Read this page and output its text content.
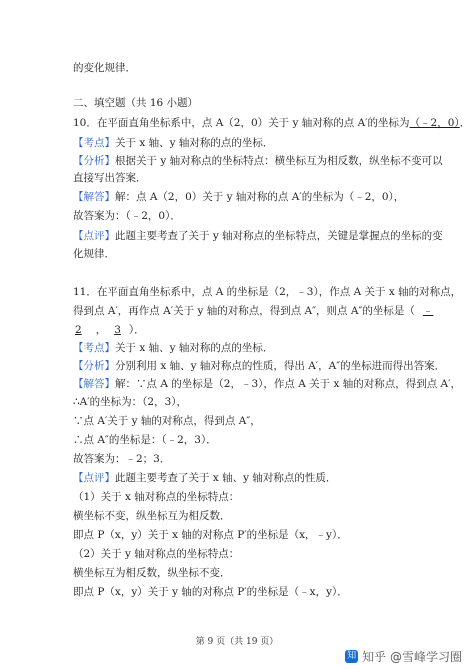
的变化规律．
二、填空题（共 16 小题）
10．在平面直角坐标系中，点 A（2，0）关于 y 轴对称的点 A′的坐标为（﹣2，0）．
【考点】关于 x 轴、y 轴对称的点的坐标．
【分析】根据关于 y 轴对称点的坐标特点：横坐标互为相反数，纵坐标不变可以
直接写出答案．
【解答】解：点 A（2，0）关于 y 轴对称的点 A′的坐标为（﹣2，0），
故答案为：（﹣2，0）．
【点评】此题主要考查了关于 y 轴对称点的坐标特点，关键是掌握点的坐标的变
化规律．
11．在平面直角坐标系中，点 A 的坐标是（2，﹣3），作点 A 关于 x 轴的对称点，
得到点 A′，再作点 A′关于 y 轴的对称点，得到点 A″，则点 A″的坐标是（ ﹣
2 ， 3 ）．
【考点】关于 x 轴、y 轴对称的点的坐标．
【分析】分别利用 x 轴、y 轴对称点的性质，得出 A′，A″的坐标进而得出答案．
【解答】解：∵点 A 的坐标是（2，﹣3），作点 A 关于 x 轴的对称点，得到点 A′，
∴A′的坐标为：（2，3），
∵点 A′关于 y 轴的对称点，得到点 A″，
∴点 A″的坐标是：（﹣2，3）．
故答案为：﹣2；3．
【点评】此题主要考查了关于 x 轴、y 轴对称点的性质．
（1）关于 x 轴对称点的坐标特点：
横坐标不变，纵坐标互为相反数．
即点 P（x，y）关于 x 轴的对称点 P′的坐标是（x，﹣y）．
（2）关于 y 轴对称点的坐标特点：
横坐标互为相反数，纵坐标不变．
即点 P（x，y）关于 y 轴的对称点 P′的坐标是（﹣x，y）．
第 9 页（共 19 页）
知 知乎 @雪峰学习圈
